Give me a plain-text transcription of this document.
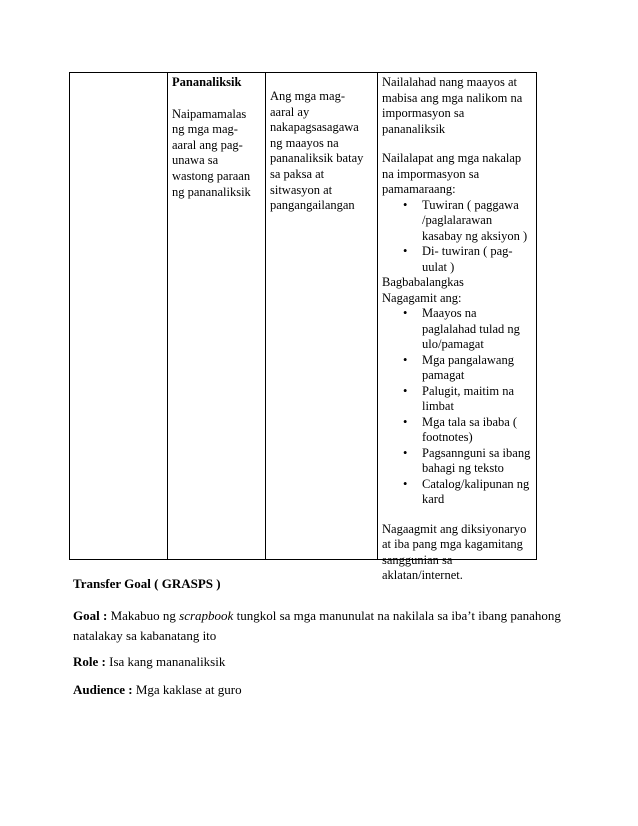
Pananaliksik
Naipamamalas
ng mga mag-
aaral ang pag-
unawa sa
wastong paraan
ng pananaliksik
Ang mga mag-
aaral ay
nakapagsasagawa
ng maayos na
pananaliksik batay
sa paksa at
sitwasyon at
pangangailangan
Nailalahad nang maayos at
mabisa ang mga nalikom na
impormasyon sa
pananaliksik
Nailalapat ang mga nakalap
na impormasyon sa
pamamaraang:
• Tuwiran ( paggawa
/paglalarawan
kasabay ng aksiyon )
• Di- tuwiran ( pag-
uulat )
Bagbabalangkas
Nagagamit ang:
• Maayos na
paglalahad tulad ng
ulo/pamagat
• Mga pangalawang
pamagat
• Palugit, maitim na
limbat
• Mga tala sa ibaba (
footnotes)
• Pagsannguni sa ibang
bahagi ng teksto
• Catalog/kalipunan ng
kard
Nagaagmit ang diksiyonaryo
at iba pang mga kagamitang
sanggunian sa
aklatan/internet.
Transfer Goal ( GRASPS )
Goal : Makabuo ng scrapbook tungkol sa mga manunulat na nakilala sa iba’t ibang panahong
natalakay sa kabanatang ito
Role : Isa kang mananaliksik
Audience : Mga kaklase at guro
